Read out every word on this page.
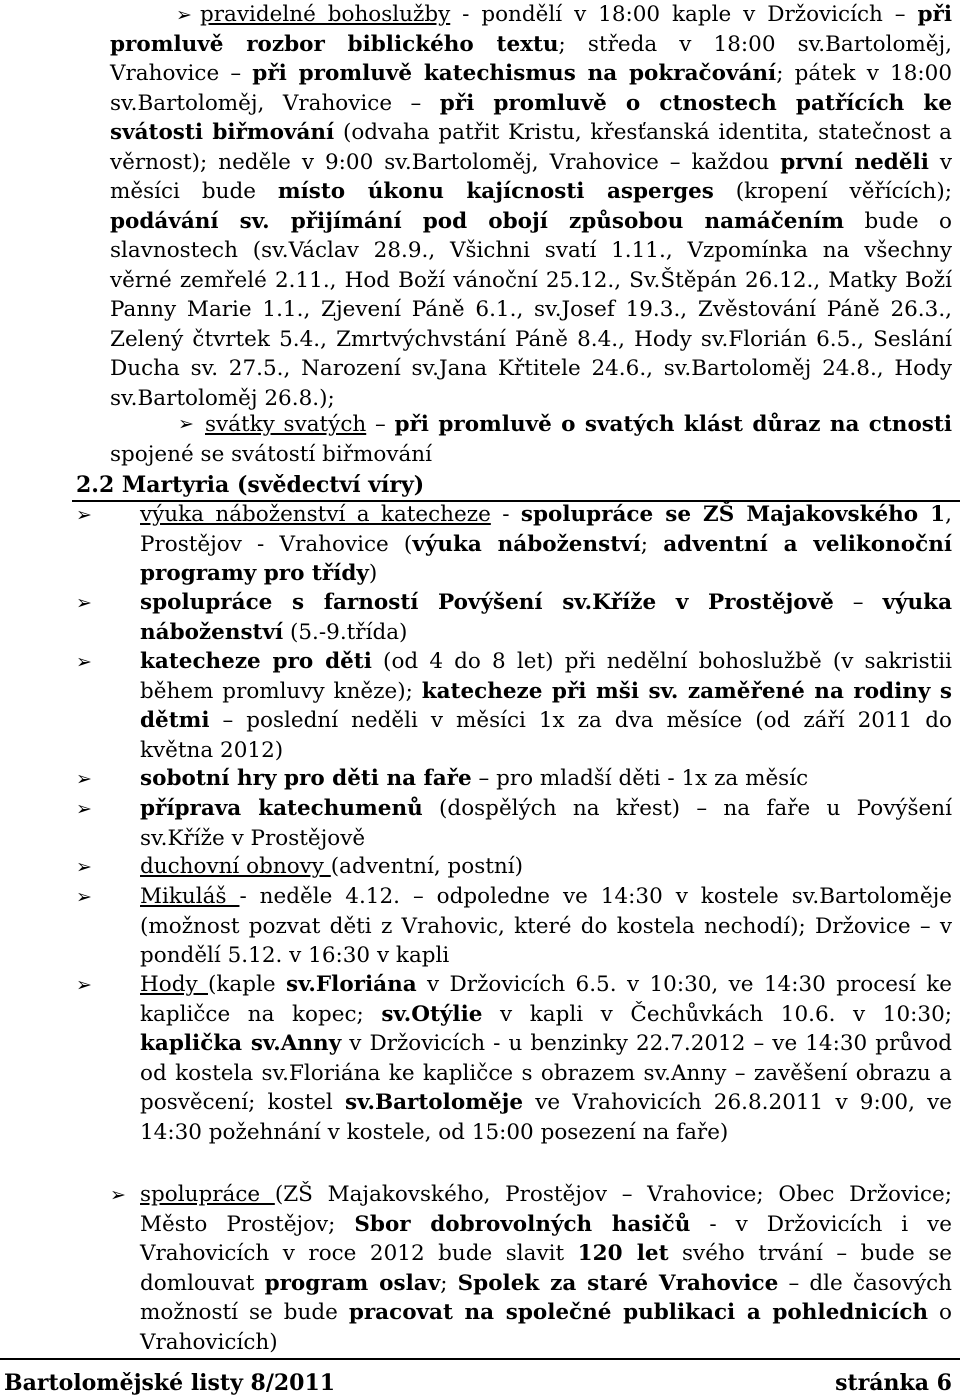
➢ pravidelné bohoslužby - pondělí v 18:00 kaple v Držovicích – při promluvě rozbor biblického textu; středa v 18:00 sv.Bartoloměj, Vrahovice – při promluvě katechismus na pokračování; pátek v 18:00 sv.Bartoloměj, Vrahovice – při promluvě o ctnostech patřících ke svátosti biřmování (odvaha patřit Kristu, křesťanská identita, statečnost a věrnost); neděle v 9:00 sv.Bartoloměj, Vrahovice – každou první neděli v měsíci bude místo úkonu kajícnosti asperges (kropení věřících); podávání sv. přijímání pod obojí způsobou namáčením bude o slavnostech (sv.Václav 28.9., Všichni svatí 1.11., Vzpomínka na všechny věrné zemřelé 2.11., Hod Boží vánoční 25.12., Sv.Štěpán 26.12., Matky Boží Panny Marie 1.1., Zjevení Páně 6.1., sv.Josef 19.3., Zvěstování Páně 26.3., Zelený čtvrtek 5.4., Zmrtvýchvstání Páně 8.4., Hody sv.Florián 6.5., Seslání Ducha sv. 27.5., Narození sv.Jana Křtitele 24.6., sv.Bartoloměj 24.8., Hody sv.Bartoloměj 26.8.);
➢ svátky svatých – při promluvě o svatých klást důraz na ctnosti spojené se svátostí biřmování
2.2 Martyria (svědectví víry)
➢ výuka náboženství a katecheze - spolupráce se ZŠ Majakovského 1, Prostějov - Vrahovice (výuka náboženství; adventní a velikonoční programy pro třídy)
➢ spolupráce s farností Povýšení sv.Kříže v Prostějově – výuka náboženství (5.-9.třída)
➢ katecheze pro děti (od 4 do 8 let) při nedělní bohoslužbě (v sakristii během promluvy kněze); katecheze při mši sv. zaměřené na rodiny s dětmi – poslední neděli v měsíci 1x za dva měsíce (od září 2011 do května 2012)
➢ sobotní hry pro děti na faře – pro mladší děti - 1x za měsíc
➢ příprava katechumenů (dospělých na křest) – na faře u Povýšení sv.Kříže v Prostějově
➢ duchovní obnovy (adventní, postní)
➢ Mikuláš - neděle 4.12. – odpoledne ve 14:30 v kostele sv.Bartoloměje (možnost pozvat děti z Vrahovic, které do kostela nechodí); Držovice – v pondělí 5.12. v 16:30 v kapli
➢ Hody (kaple sv.Floriána v Držovicích 6.5. v 10:30, ve 14:30 procesí ke kapličce na kopec; sv.Otýlie v kapli v Čechůvkách 10.6. v 10:30; kaplička sv.Anny v Držovicích - u benzinky 22.7.2012 – ve 14:30 průvod od kostela sv.Floriána ke kapličce s obrazem sv.Anny – zavěšení obrazu a posvěcení; kostel sv.Bartoloměje ve Vrahovicích 26.8.2011 v 9:00, ve 14:30 požehnání v kostele, od 15:00 posezení na faře)
➢ spolupráce (ZŠ Majakovského, Prostějov – Vrahovice; Obec Držovice; Město Prostějov; Sbor dobrovolných hasičů - v Držovicích i ve Vrahovicích v roce 2012 bude slavit 120 let svého trvání – bude se domlouvat program oslav; Spolek za staré Vrahovice – dle časových možností se bude pracovat na společné publikaci a pohlednicích o Vrahovicích)
Bartolomějské listy 8/2011	stránka 6
